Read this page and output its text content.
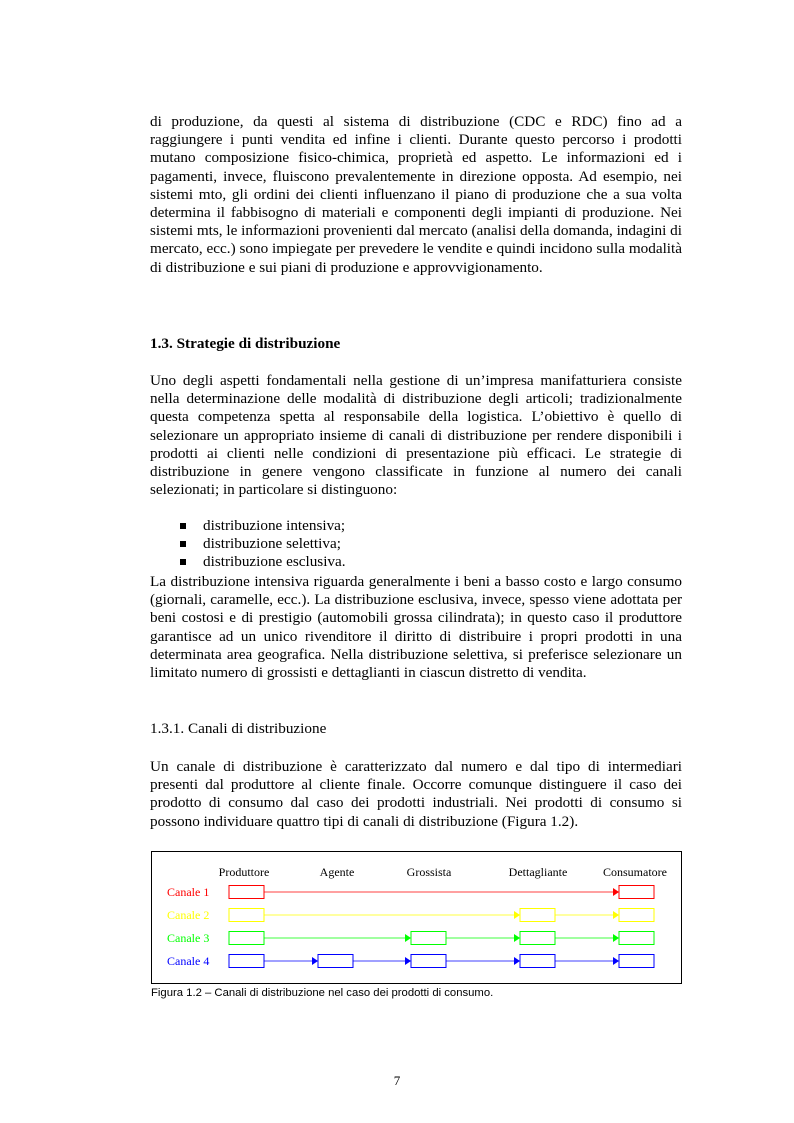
di produzione, da questi al sistema di distribuzione (CDC e RDC) fino ad a raggiungere i punti vendita ed infine i clienti. Durante questo percorso i prodotti mutano composizione fisico-chimica, proprietà ed aspetto. Le informazioni ed i pagamenti, invece, fluiscono prevalentemente in direzione opposta. Ad esempio, nei sistemi mto, gli ordini dei clienti influenzano il piano di produzione che a sua volta determina il fabbisogno di materiali e componenti degli impianti di produzione. Nei sistemi mts, le informazioni provenienti dal mercato (analisi della domanda, indagini di mercato, ecc.) sono impiegate per prevedere le vendite e quindi incidono sulla modalità di distribuzione e sui piani di produzione e approvvigionamento.

1.3. Strategie di distribuzione

Uno degli aspetti fondamentali nella gestione di un’impresa manifatturiera consiste nella determinazione delle modalità di distribuzione degli articoli; tradizionalmente questa competenza spetta al responsabile della logistica. L’obiettivo è quello di selezionare un appropriato insieme di canali di distribuzione per rendere disponibili i prodotti ai clienti nelle condizioni di presentazione più efficaci. Le strategie di distribuzione in genere vengono classificate in funzione al numero dei canali selezionati; in particolare si distinguono:

distribuzione intensiva;
distribuzione selettiva;
distribuzione esclusiva.

La distribuzione intensiva riguarda generalmente i beni a basso costo e largo consumo (giornali, caramelle, ecc.). La distribuzione esclusiva, invece, spesso viene adottata per beni costosi e di prestigio (automobili grossa cilindrata); in questo caso il produttore garantisce ad un unico rivenditore il diritto di distribuire i propri prodotti in una determinata area geografica. Nella distribuzione selettiva, si preferisce selezionare un limitato numero di grossisti e dettaglianti in ciascun distretto di vendita.

1.3.1. Canali di distribuzione

Un canale di distribuzione è caratterizzato dal numero e dal tipo di intermediari presenti dal produttore al cliente finale. Occorre comunque distinguere il caso dei prodotto di consumo dal caso dei prodotti industriali. Nei prodotti di consumo si possono individuare quattro tipi di canali di distribuzione (Figura 1.2).

Produttore	Agente	Grossista	Dettagliante	Consumatore
Canale 1
Canale 2
Canale 3
Canale 4
Figura 1.2 – Canali di distribuzione nel caso dei prodotti di consumo.
7
